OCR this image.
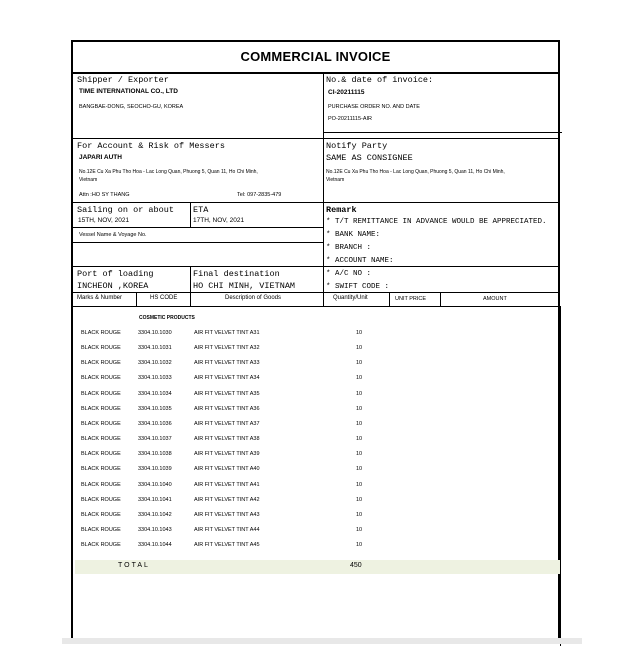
COMMERCIAL INVOICE
Shipper / Exporter
TIME INTERNATIONAL CO., LTD
BANGBAE-DONG, SEOCHO-GU, KOREA
No.& date of invoice:
CI-20211115
PURCHASE ORDER NO. AND DATE
PO-20211115-AIR
For Account & Risk of Messers
JAPARI AUTH
No.12E Cu Xa Phu Tho Hoa - Lac Long Quan, Phuong 5, Quan 11, Ho Chi Minh,
Vietnam
Attn :HO SY THANG	Tel: 097-2835-479
Notify Party
SAME AS CONSIGNEE
No.12E Cu Xa Phu Tho Hoa - Lac Long Quan, Phuong 5, Quan 11, Ho Chi Minh,
Vietnam
Sailing on or about
15TH, NOV, 2021
ETA
17TH, NOV, 2021
Vessel Name & Voyage No.
Remark
* T/T REMITTANCE IN ADVANCE WOULD BE APPRECIATED.
* BANK NAME:
* BRANCH :
* ACCOUNT NAME:
* A/C NO :
* SWIFT CODE :
Port of loading
INCHEON ,KOREA
Final destination
HO CHI MINH, VIETNAM
Marks & Number	HS CODE	Description of Goods	Quantity/Unit	UNIT PRICE	AMOUNT
COSMETIC PRODUCTS
BLACK ROUGE	3304.10.1030	AIR FIT VELVET TINT A31	10
BLACK ROUGE	3304.10.1031	AIR FIT VELVET TINT A32	10
BLACK ROUGE	3304.10.1032	AIR FIT VELVET TINT A33	10
BLACK ROUGE	3304.10.1033	AIR FIT VELVET TINT A34	10
BLACK ROUGE	3304.10.1034	AIR FIT VELVET TINT A35	10
BLACK ROUGE	3304.10.1035	AIR FIT VELVET TINT A36	10
BLACK ROUGE	3304.10.1036	AIR FIT VELVET TINT A37	10
BLACK ROUGE	3304.10.1037	AIR FIT VELVET TINT A38	10
BLACK ROUGE	3304.10.1038	AIR FIT VELVET TINT A39	10
BLACK ROUGE	3304.10.1039	AIR FIT VELVET TINT A40	10
BLACK ROUGE	3304.10.1040	AIR FIT VELVET TINT A41	10
BLACK ROUGE	3304.10.1041	AIR FIT VELVET TINT A42	10
BLACK ROUGE	3304.10.1042	AIR FIT VELVET TINT A43	10
BLACK ROUGE	3304.10.1043	AIR FIT VELVET TINT A44	10
BLACK ROUGE	3304.10.1044	AIR FIT VELVET TINT A45	10
TOTAL	450
